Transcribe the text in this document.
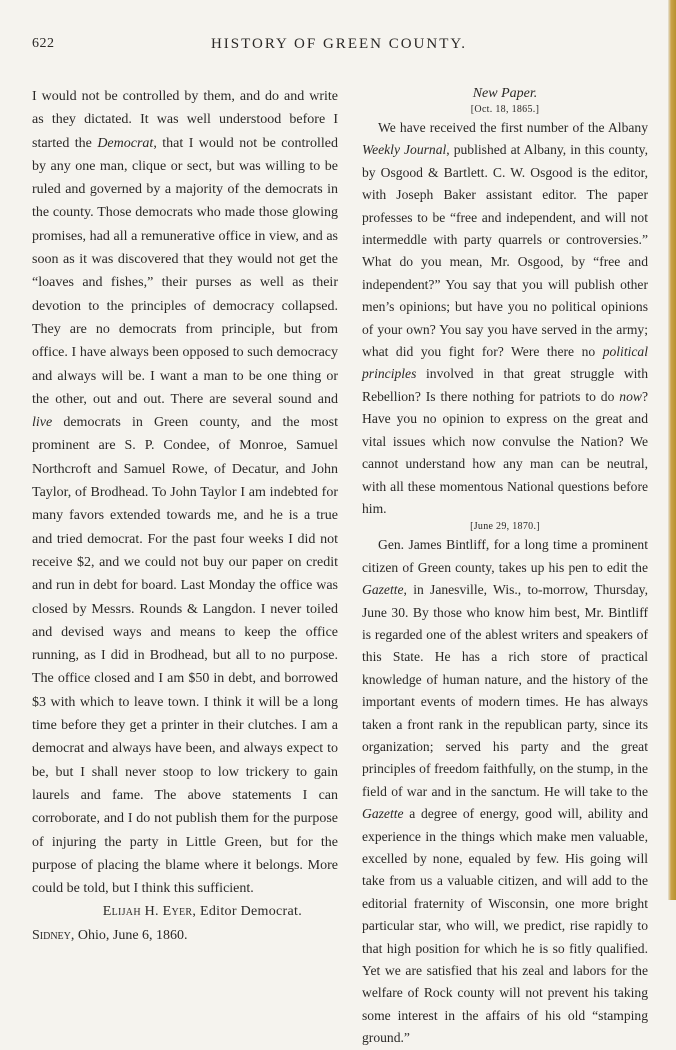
622	HISTORY OF GREEN COUNTY.

I would not be controlled by them, and do and write as they dictated. It was well understood before I started the Democrat, that I would not be controlled by any one man, clique or sect, but was willing to be ruled and governed by a majority of the democrats in the county. Those democrats who made those glowing promises, had all a remunerative office in view, and as soon as it was discovered that they would not get the “loaves and fishes,” their purses as well as their devotion to the principles of democracy collapsed. They are no democrats from principle, but from office. I have always been opposed to such democracy and always will be. I want a man to be one thing or the other, out and out. There are several sound and live democrats in Green county, and the most prominent are S. P. Condee, of Monroe, Samuel Northcroft and Samuel Rowe, of Decatur, and John Taylor, of Brodhead. To John Taylor I am indebted for many favors extended towards me, and he is a true and tried democrat. For the past four weeks I did not receive $2, and we could not buy our paper on credit and run in debt for board. Last Monday the office was closed by Messrs. Rounds & Langdon. I never toiled and devised ways and means to keep the office running, as I did in Brodhead, but all to no purpose. The office closed and I am $50 in debt, and borrowed $3 with which to leave town. I think it will be a long time before they get a printer in their clutches. I am a democrat and always have been, and always expect to be, but I shall never stoop to low trickery to gain laurels and fame. The above statements I can corroborate, and I do not publish them for the purpose of injuring the party in Little Green, but for the purpose of placing the blame where it belongs. More could be told, but I think this sufficient.

Elijah H. Eyer, Editor Democrat.

Sidney, Ohio, June 6, 1860.

New Paper.

[Oct. 18, 1865.]

We have received the first number of the Albany Weekly Journal, published at Albany, in this county, by Osgood & Bartlett. C. W. Osgood is the editor, with Joseph Baker assistant editor. The paper professes to be “free and independent, and will not intermeddle with party quarrels or controversies.” What do you mean, Mr. Osgood, by “free and independent?” You say that you will publish other men’s opinions; but have you no political opinions of your own? You say you have served in the army; what did you fight for? Were there no political principles involved in that great struggle with Rebellion? Is there nothing for patriots to do now? Have you no opinion to express on the great and vital issues which now convulse the Nation? We cannot understand how any man can be neutral, with all these momentous National questions before him.

[June 29, 1870.]

Gen. James Bintliff, for a long time a prominent citizen of Green county, takes up his pen to edit the Gazette, in Janesville, Wis., to-morrow, Thursday, June 30. By those who know him best, Mr. Bintliff is regarded one of the ablest writers and speakers of this State. He has a rich store of practical knowledge of human nature, and the history of the important events of modern times. He has always taken a front rank in the republican party, since its organization; served his party and the great principles of freedom faithfully, on the stump, in the field of war and in the sanctum. He will take to the Gazette a degree of energy, good will, ability and experience in the things which make men valuable, excelled by none, equaled by few. His going will take from us a valuable citizen, and will add to the editorial fraternity of Wisconsin, one more bright particular star, who will, we predict, rise rapidly to that high position for which he is so fitly qualified. Yet we are satisfied that his zeal and labors for the welfare of Rock county will not prevent his taking some interest in the affairs of his old “stamping ground.”
